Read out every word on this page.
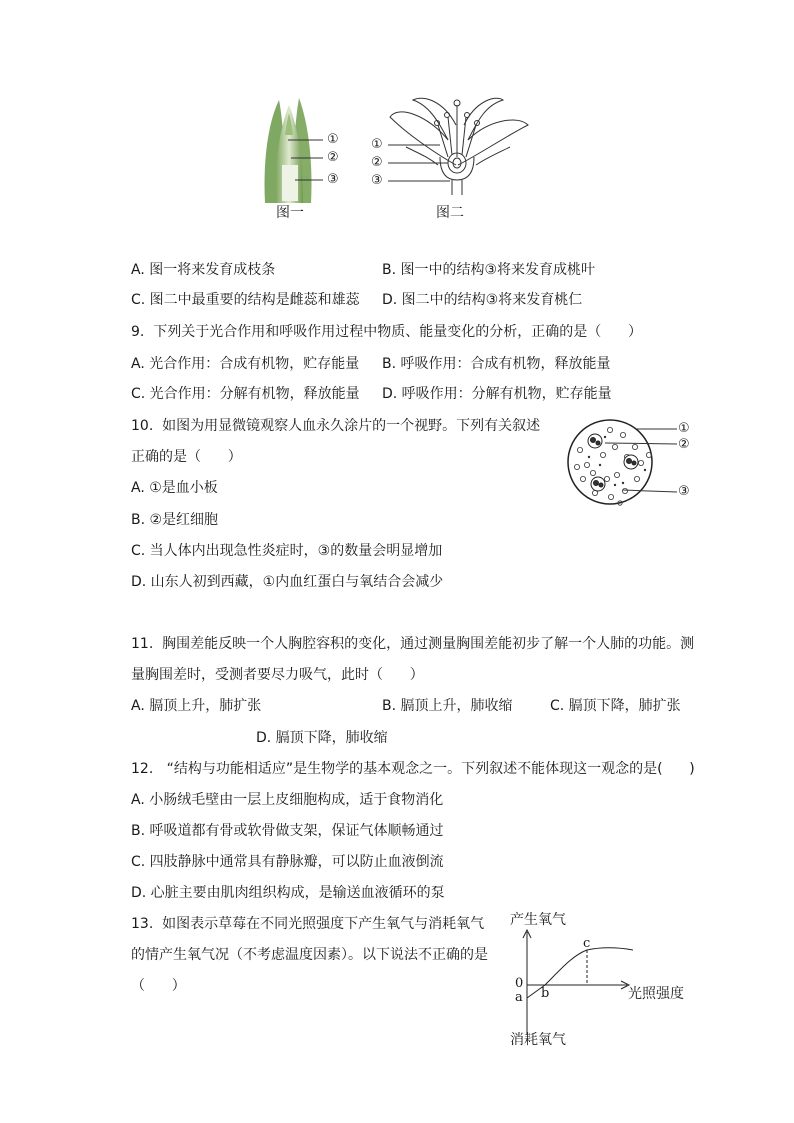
①
②
③
图一
①
②
③
图二
A. 图一将来发育成枝条	B. 图一中的结构③将来发育成桃叶
C. 图二中最重要的结构是雌蕊和雄蕊 D. 图二中的结构③将来发育桃仁
9.  下列关于光合作用和呼吸作用过程中物质、能量变化的分析，正确的是（      ）
A. 光合作用：合成有机物，贮存能量 B. 呼吸作用：合成有机物，释放能量
C. 光合作用：分解有机物，释放能量 D. 呼吸作用：分解有机物，贮存能量
10.  如图为用显微镜观察人血永久涂片的一个视野。下列有关叙述
正确的是（      ）
A. ①是血小板
B. ②是红细胞
C. 当人体内出现急性炎症时，③的数量会明显增加
D. 山东人初到西藏，①内血红蛋白与氧结合会减少
①
②
③
11.  胸围差能反映一个人胸腔容积的变化，通过测量胸围差能初步了解一个人肺的功能。测
量胸围差时，受测者要尽力吸气，此时（      ）
A. 膈顶上升，肺扩张	B. 膈顶上升，肺收缩	C. 膈顶下降，肺扩张
D. 膈顶下降，肺收缩
12.   “结构与功能相适应”是生物学的基本观念之一。下列叙述不能体现这一观念的是(      )
A. 小肠绒毛壁由一层上皮细胞构成，适于食物消化
B. 呼吸道都有骨或软骨做支架，保证气体顺畅通过
C. 四肢静脉中通常具有静脉瓣，可以防止血液倒流
D. 心脏主要由肌肉组织构成，是输送血液循环的泵
13.  如图表示草莓在不同光照强度下产生氧气与消耗氧气
的情产生氧气况（不考虑温度因素）。以下说法不正确的是
（      ）
产生氧气
消耗氧气
光照强度
0
a b
c
